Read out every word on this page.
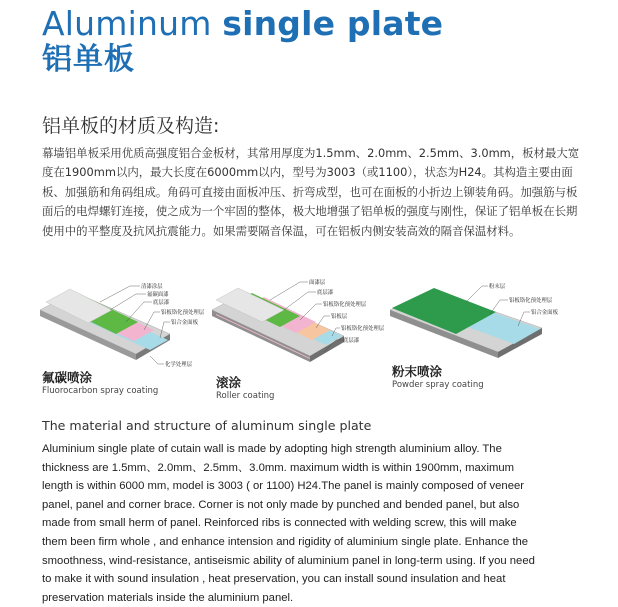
Aluminum single plate
铝单板
铝单板的材质及构造:
幕墙铝单板采用优质高强度铝合金板材，其常用厚度为1.5mm、2.0mm、2.5mm、3.0mm，板材最大宽度在1900mm以内，最大长度在6000mm以内，型号为3003（或1100），状态为H24。其构造主要由面板、加强筋和角码组成。角码可直接由面板冲压、折弯成型，也可在面板的小折边上铆装角码。加强筋与板面后的电焊螺钉连接，使之成为一个牢固的整体，极大地增强了铝单板的强度与刚性，保证了铝单板在长期使用中的平整度及抗风抗震能力。如果需要隔音保温，可在铝板内侧安装高效的隔音保温材料。
清漆涂层
氟碳面漆
底层漆
铝板铬化预处理层
铝合金面板
化学处理层
氟碳喷涂
Fluorocarbon spray coating
面漆层
底层漆
铝板铬化预处理层
铝板层
铝板铬化预处理层
底层漆
滚涂
Roller coating
粉末层
铝板铬化预处理层
铝合金面板
粉末喷涂
Powder spray coating
The material and structure of aluminum single plate
Aluminium single plate of cutain wall is made by adopting high strength aluminium alloy. The thickness are 1.5mm、2.0mm、2.5mm、3.0mm. maximum width is within 1900mm, maximum length is within 6000 mm, model is 3003 ( or 1100) H24.The panel is mainly composed of veneer panel, panel and corner brace. Corner is not only made by punched and bended panel, but also made from small herm of panel. Reinforced ribs is connected with welding screw, this will make them been firm whole , and enhance intension and rigidity of aluminium single plate. Enhance the smoothness, wind-resistance, antiseismic ability of aluminium panel in long-term using. If you need to make it with sound insulation , heat preservation, you can install sound insulation and heat preservation materials inside the aluminium panel.
